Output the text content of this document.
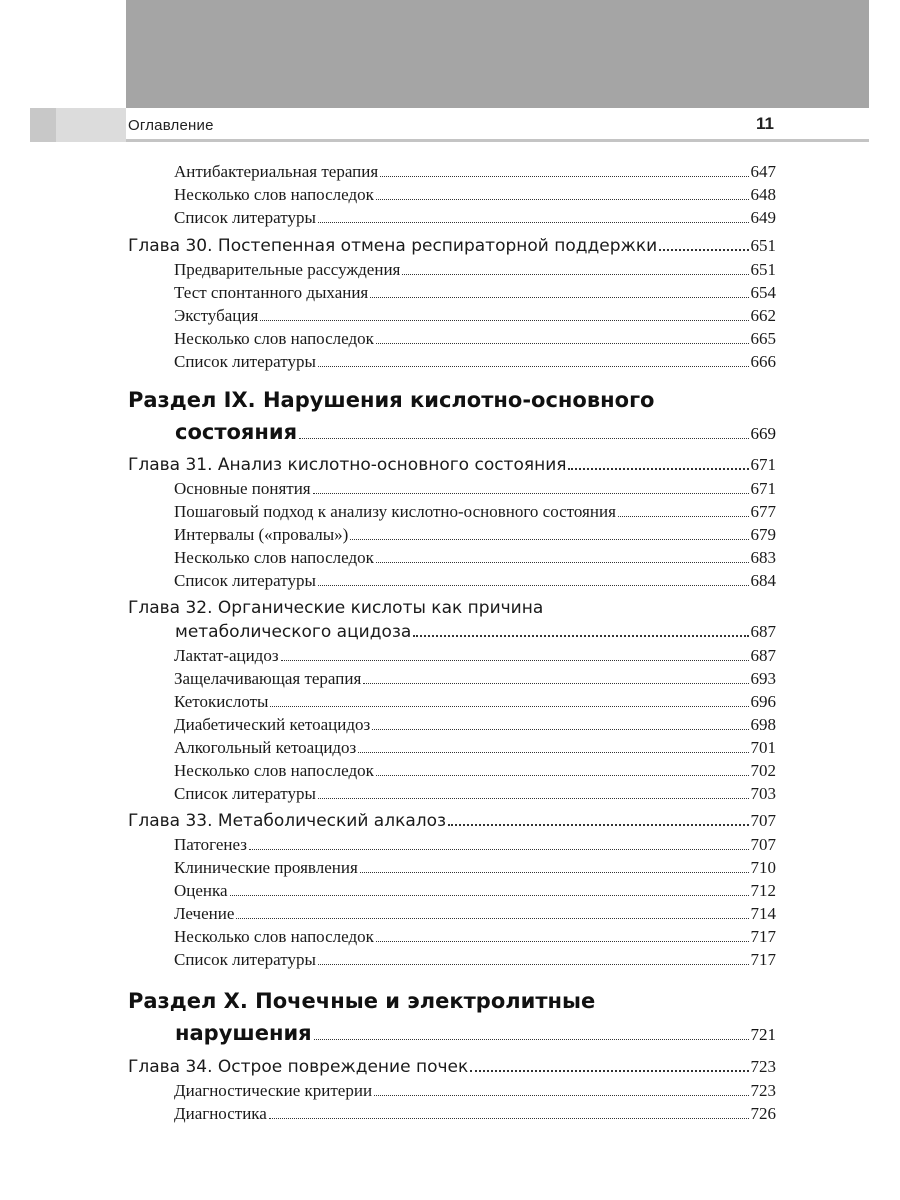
Оглавление	11
Антибактериальная терапия	647
Несколько слов напоследок	648
Список литературы	649
Глава 30. Постепенная отмена респираторной поддержки	651
Предварительные рассуждения	651
Тест спонтанного дыхания	654
Экстубация	662
Несколько слов напоследок	665
Список литературы	666
Раздел IX. Нарушения кислотно-основного
состояния	669
Глава 31. Анализ кислотно-основного состояния	671
Основные понятия	671
Пошаговый подход к анализу кислотно-основного состояния	677
Интервалы («провалы»)	679
Несколько слов напоследок	683
Список литературы	684
Глава 32. Органические кислоты как причина
метаболического ацидоза	687
Лактат-ацидоз	687
Защелачивающая терапия	693
Кетокислоты	696
Диабетический кетоацидоз	698
Алкогольный кетоацидоз	701
Несколько слов напоследок	702
Список литературы	703
Глава 33. Метаболический алкалоз	707
Патогенез	707
Клинические проявления	710
Оценка	712
Лечение	714
Несколько слов напоследок	717
Список литературы	717
Раздел X. Почечные и электролитные
нарушения	721
Глава 34. Острое повреждение почек	723
Диагностические критерии	723
Диагностика	726
